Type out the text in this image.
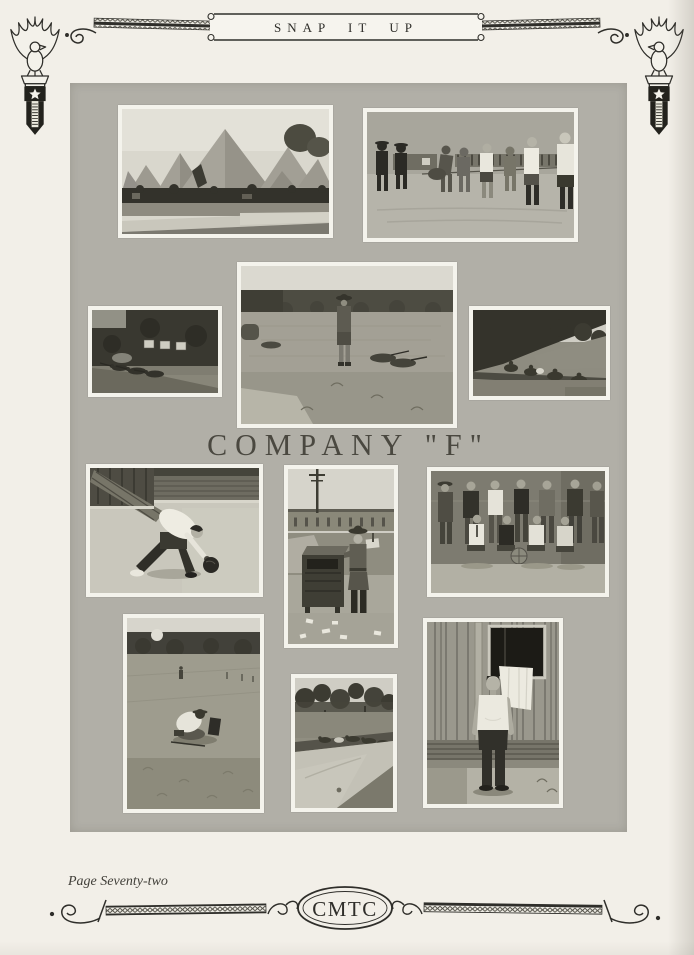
SNAP IT UP
COMPANY "F"
Page Seventy-two
CMTC
